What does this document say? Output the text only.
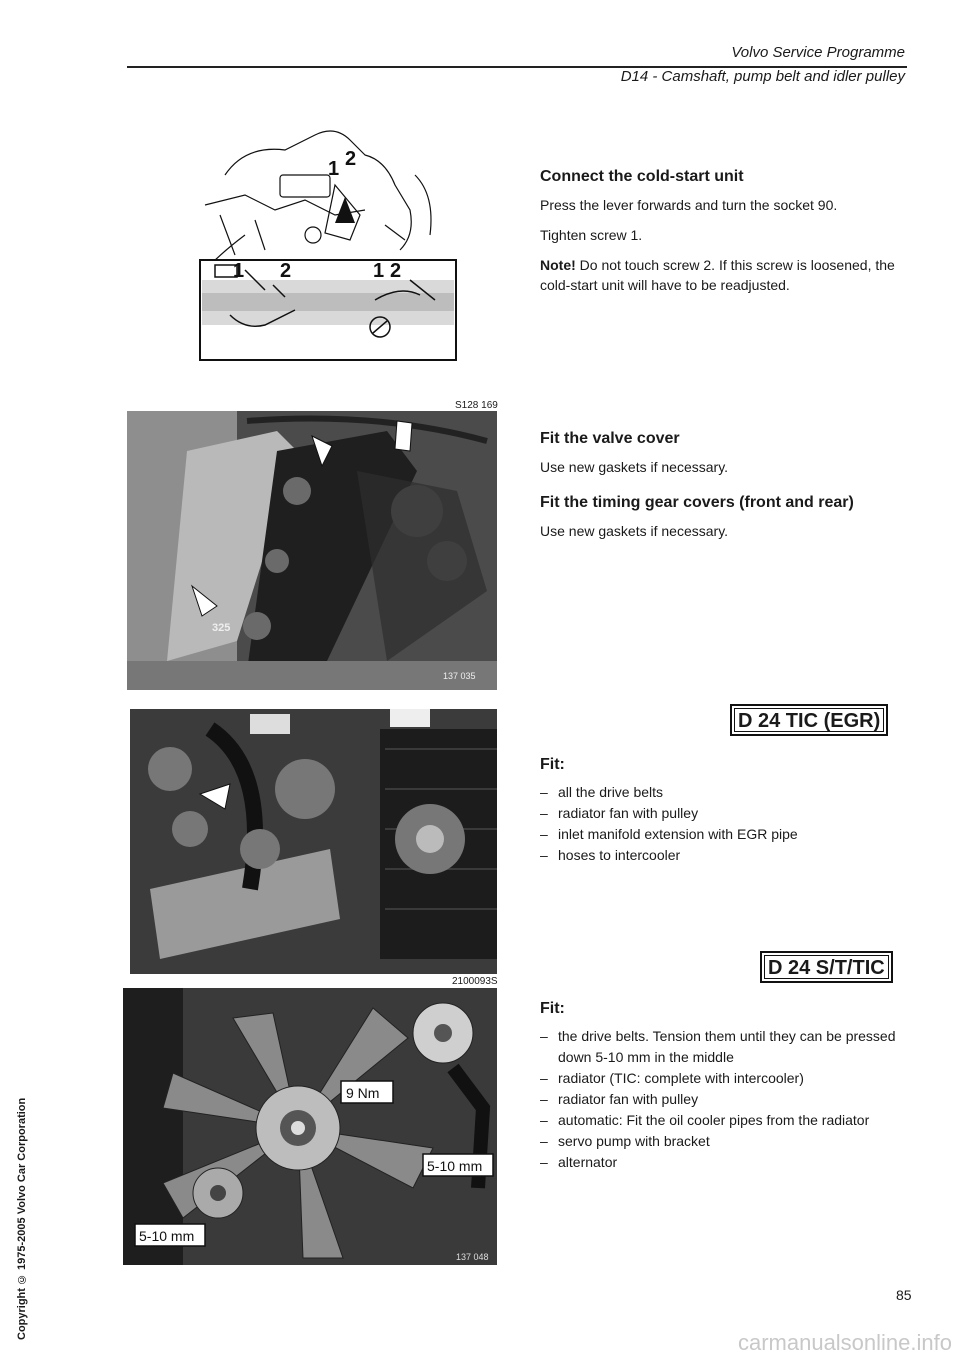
Volvo Service Programme
D14 - Camshaft, pump belt and idler pulley
1 2
1 2	1 2
S128 169
325
137 035
2100093S
9 Nm
5-10 mm
5-10 mm
137 048
Connect the cold-start unit

Press the lever forwards and turn the socket 90.

Tighten screw 1.

Note! Do not touch screw 2. If this screw is loosened, the cold-start unit will have to be readjusted.

Fit the valve cover

Use new gaskets if necessary.

Fit the timing gear covers (front and rear)

Use new gaskets if necessary.

D 24 TIC (EGR)
Fit:
– all the drive belts
– radiator fan with pulley
– inlet manifold extension with EGR pipe
– hoses to intercooler
D 24 S/T/TIC
Fit:
– the drive belts. Tension them until they can be pressed down 5-10 mm in the middle
– radiator (TIC: complete with intercooler)
– radiator fan with pulley
– automatic: Fit the oil cooler pipes from the radiator
– servo pump with bracket
– alternator
85
Copyright © 1975-2005 Volvo Car Corporation
carmanualsonline.info
